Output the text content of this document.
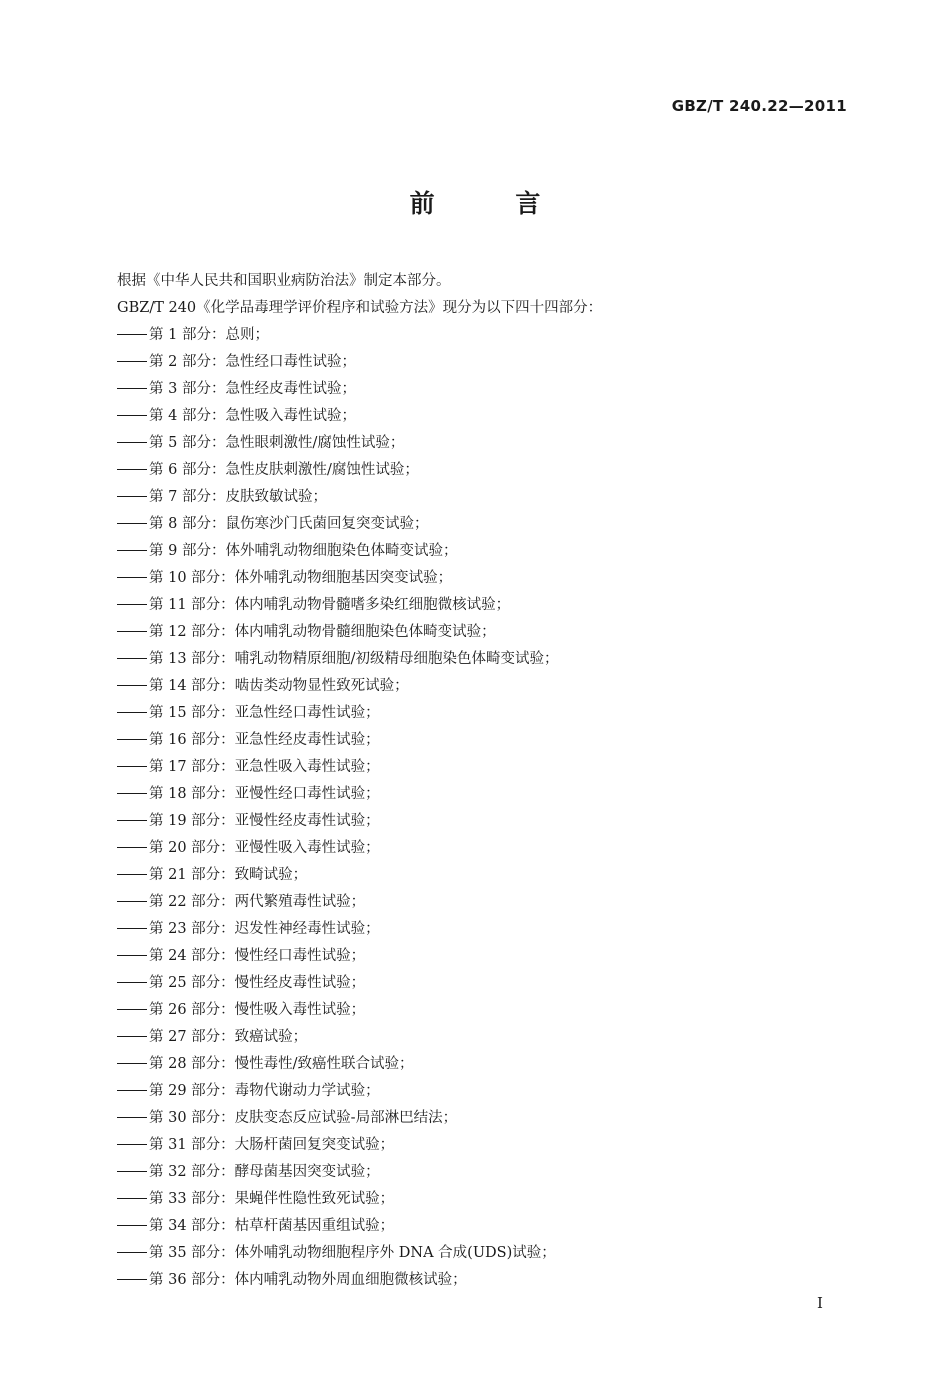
GBZ/T 240.22—2011
前 言
根据《中华人民共和国职业病防治法》制定本部分。
GBZ/T 240《化学品毒理学评价程序和试验方法》现分为以下四十四部分：
第 1 部分：总则；
第 2 部分：急性经口毒性试验；
第 3 部分：急性经皮毒性试验；
第 4 部分：急性吸入毒性试验；
第 5 部分：急性眼刺激性/腐蚀性试验；
第 6 部分：急性皮肤刺激性/腐蚀性试验；
第 7 部分：皮肤致敏试验；
第 8 部分：鼠伤寒沙门氏菌回复突变试验；
第 9 部分：体外哺乳动物细胞染色体畸变试验；
第 10 部分：体外哺乳动物细胞基因突变试验；
第 11 部分：体内哺乳动物骨髓嗜多染红细胞微核试验；
第 12 部分：体内哺乳动物骨髓细胞染色体畸变试验；
第 13 部分：哺乳动物精原细胞/初级精母细胞染色体畸变试验；
第 14 部分：啮齿类动物显性致死试验；
第 15 部分：亚急性经口毒性试验；
第 16 部分：亚急性经皮毒性试验；
第 17 部分：亚急性吸入毒性试验；
第 18 部分：亚慢性经口毒性试验；
第 19 部分：亚慢性经皮毒性试验；
第 20 部分：亚慢性吸入毒性试验；
第 21 部分：致畸试验；
第 22 部分：两代繁殖毒性试验；
第 23 部分：迟发性神经毒性试验；
第 24 部分：慢性经口毒性试验；
第 25 部分：慢性经皮毒性试验；
第 26 部分：慢性吸入毒性试验；
第 27 部分：致癌试验；
第 28 部分：慢性毒性/致癌性联合试验；
第 29 部分：毒物代谢动力学试验；
第 30 部分：皮肤变态反应试验-局部淋巴结法；
第 31 部分：大肠杆菌回复突变试验；
第 32 部分：酵母菌基因突变试验；
第 33 部分：果蝇伴性隐性致死试验；
第 34 部分：枯草杆菌基因重组试验；
第 35 部分：体外哺乳动物细胞程序外 DNA 合成(UDS)试验；
第 36 部分：体内哺乳动物外周血细胞微核试验；
I
